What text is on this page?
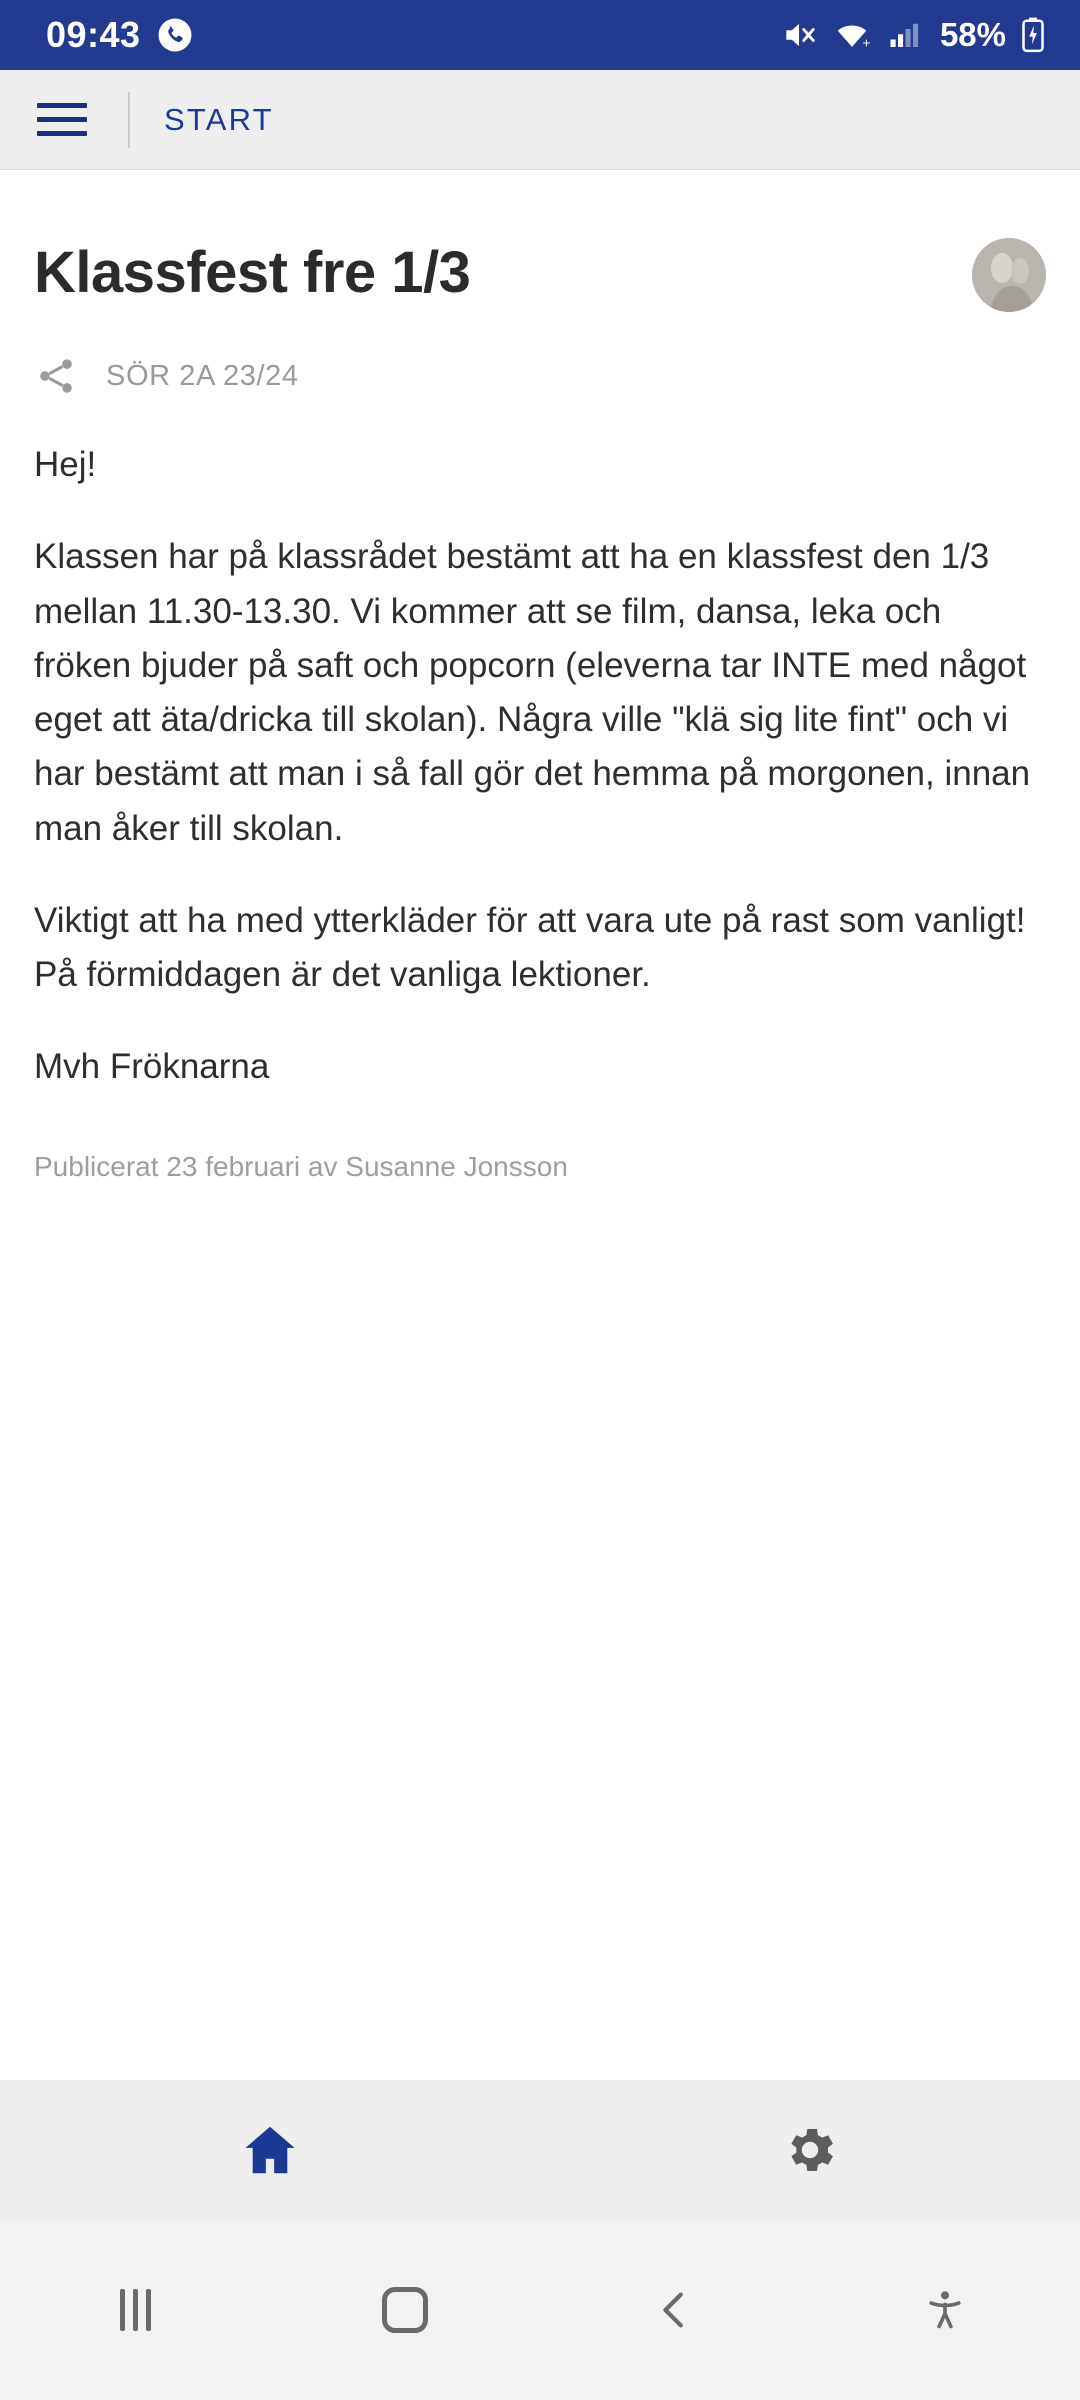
09:43	+ 58%
START
Klassfest fre 1/3
SÖR 2A 23/24

Hej!

Klassen har på klassrådet bestämt att ha en klassfest den 1/3 mellan 11.30-13.30. Vi kommer att se film, dansa, leka och fröken bjuder på saft och popcorn (eleverna tar INTE med något eget att äta/dricka till skolan). Några ville "klä sig lite fint" och vi har bestämt att man i så fall gör det hemma på morgonen, innan man åker till skolan.

Viktigt att ha med ytterkläder för att vara ute på rast som vanligt! På förmiddagen är det vanliga lektioner.

Mvh Fröknarna

Publicerat 23 februari av Susanne Jonsson
